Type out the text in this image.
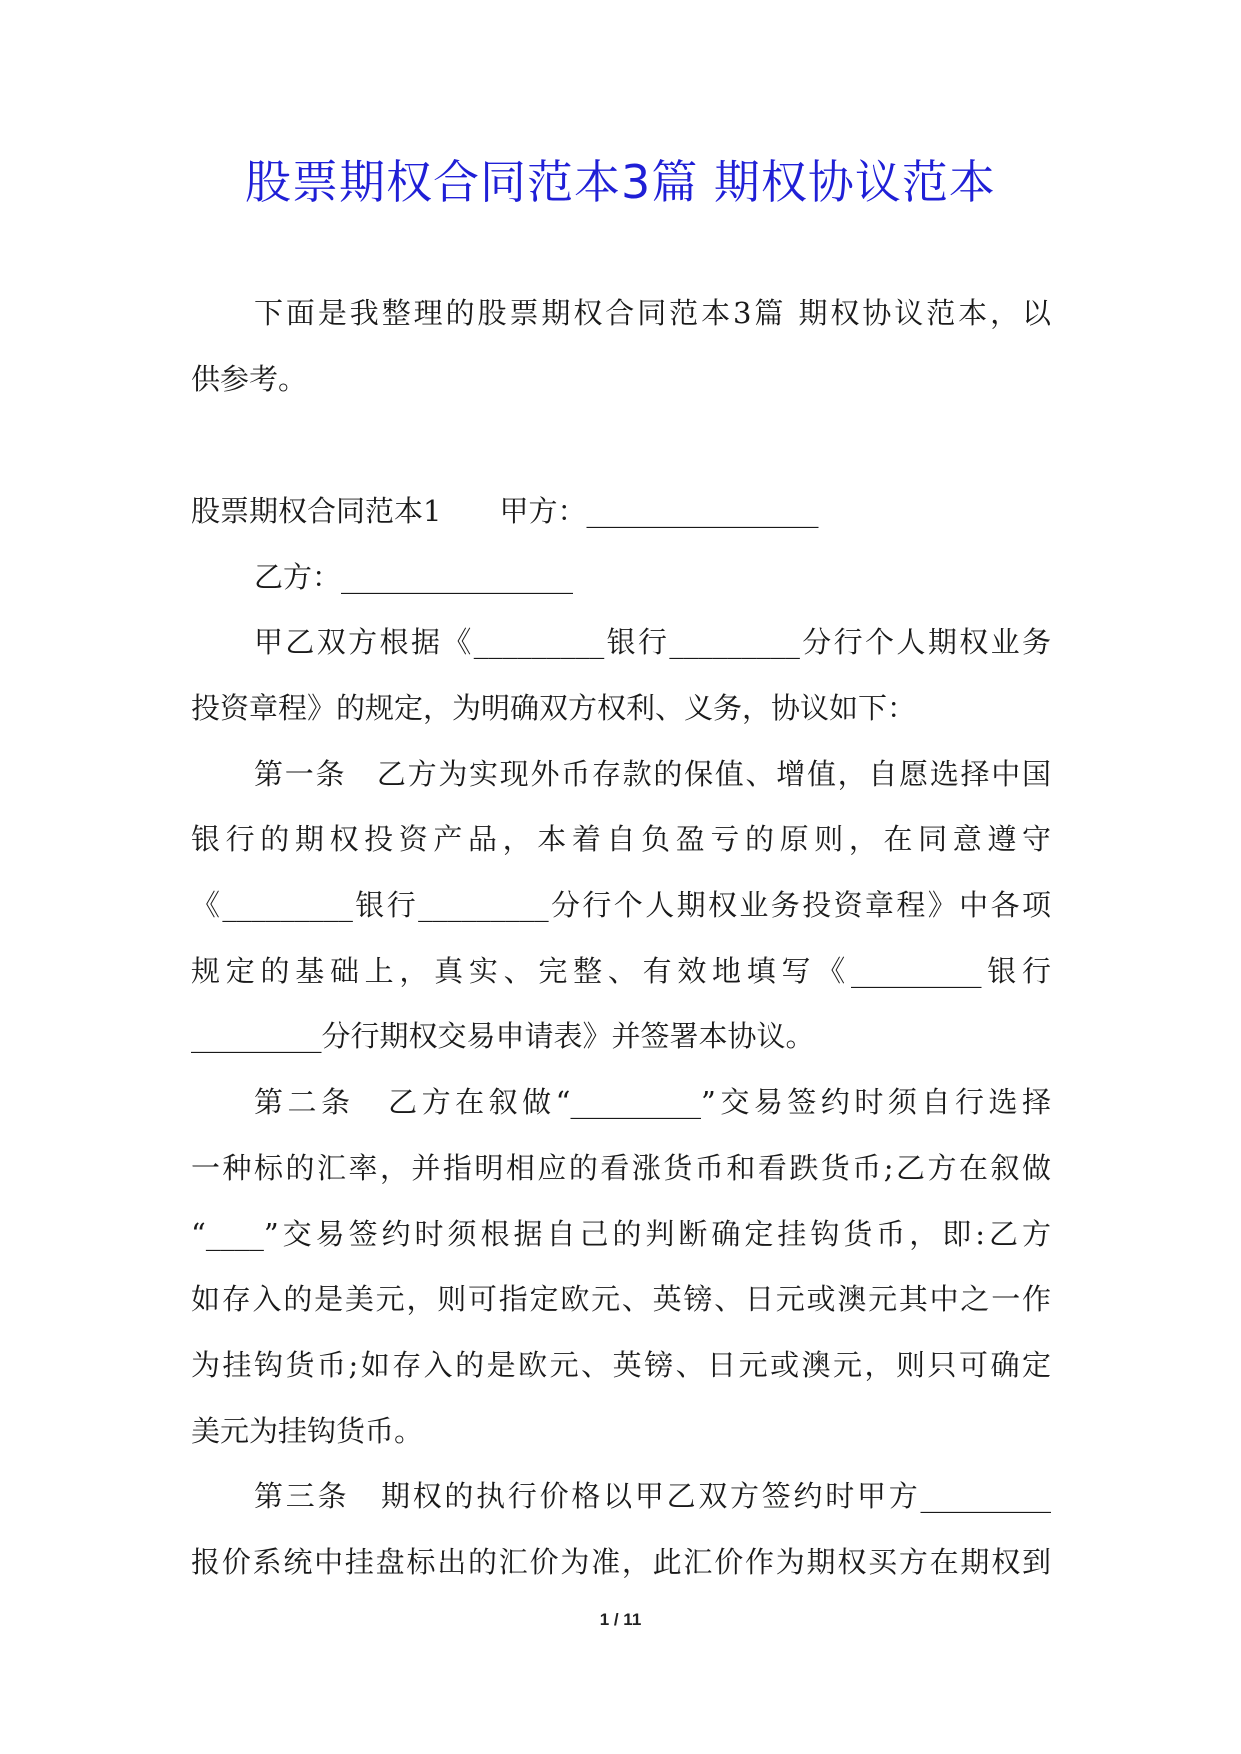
股票期权合同范本3篇 期权协议范本

下面是我整理的股票期权合同范本3篇 期权协议范本，以

供参考。

股票期权合同范本1　　甲方：________________

乙方：________________

甲乙双方根据《_________银行_________分行个人期权业务

投资章程》的规定，为明确双方权利、义务，协议如下：

第一条　乙方为实现外币存款的保值、增值，自愿选择中国

银行的期权投资产品，本着自负盈亏的原则，在同意遵守

《_________银行_________分行个人期权业务投资章程》中各项

规定的基础上，真实、完整、有效地填写《_________银行

_________分行期权交易申请表》并签署本协议。

第二条　乙方在叙做“_________”交易签约时须自行选择

一种标的汇率，并指明相应的看涨货币和看跌货币;乙方在叙做

“____”交易签约时须根据自己的判断确定挂钩货币，即:乙方

如存入的是美元，则可指定欧元、英镑、日元或澳元其中之一作

为挂钩货币;如存入的是欧元、英镑、日元或澳元，则只可确定

美元为挂钩货币。

第三条　期权的执行价格以甲乙双方签约时甲方_________

报价系统中挂盘标出的汇价为准，此汇价作为期权买方在期权到

1 / 11
